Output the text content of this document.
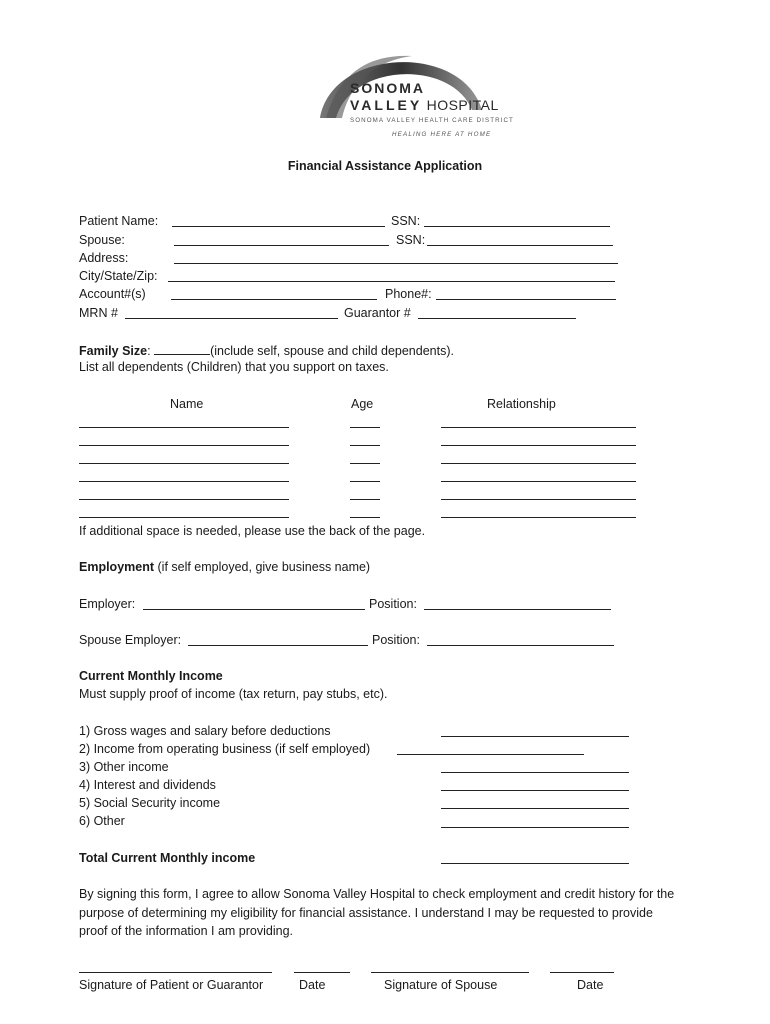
SONOMA
VALLEY HOSPITAL
SONOMA VALLEY HEALTH CARE DISTRICT
HEALING HERE AT HOME
Financial Assistance Application
Patient Name:	SSN:
Spouse:	SSN:
Address:
City/State/Zip:
Account#(s)	Phone#:
MRN #	Guarantor #
Family Size:	(include self, spouse and child dependents).
List all dependents (Children) that you support on taxes.
Name	Age	Relationship
If additional space is needed, please use the back of the page.
Employment (if self employed, give business name)
Employer:	Position:
Spouse Employer:	Position:
Current Monthly Income
Must supply proof of income (tax return, pay stubs, etc).
1) Gross wages and salary before deductions
2) Income from operating business (if self employed)
3) Other income
4) Interest and dividends
5) Social Security income
6) Other
Total Current Monthly income
By signing this form, I agree to allow Sonoma Valley Hospital to check employment and credit history for the
purpose of determining my eligibility for financial assistance. I understand I may be requested to provide
proof of the information I am providing.
Signature of Patient or Guarantor	Date	Signature of Spouse	Date
